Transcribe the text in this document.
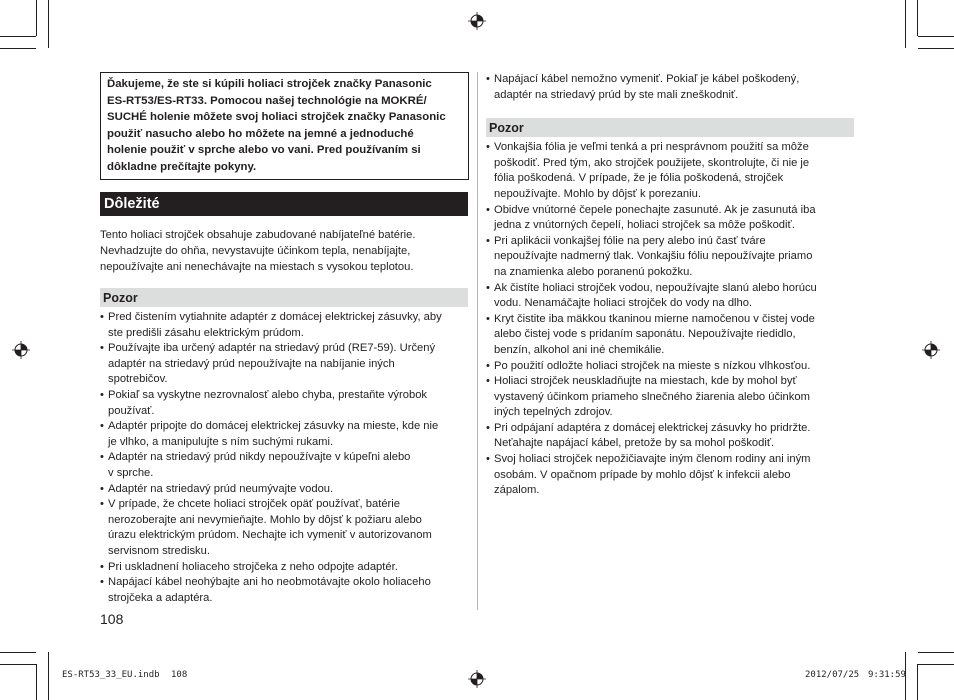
Ďakujeme, že ste si kúpili holiaci strojček značky Panasonic

ES-RT53/ES-RT33. Pomocou našej technológie na MOKRÉ/

SUCHÉ holenie môžete svoj holiaci strojček značky Panasonic

použiť nasucho alebo ho môžete na jemné a jednoduché

holenie použiť v sprche alebo vo vani. Pred používaním si

dôkladne prečítajte pokyny.

Dôležité

Tento holiaci strojček obsahuje zabudované nabíjateľné batérie.

Nevhadzujte do ohňa, nevystavujte účinkom tepla, nenabíjajte,

nepoužívajte ani nenechávajte na miestach s vysokou teplotou.

Pozor
• Pred čistením vytiahnite adaptér z domácej elektrickej zásuvky, aby
ste predišli zásahu elektrickým prúdom.
• Používajte iba určený adaptér na striedavý prúd (RE7-59). Určený
adaptér na striedavý prúd nepoužívajte na nabíjanie iných
spotrebičov.
• Pokiaľ sa vyskytne nezrovnalosť alebo chyba, prestaňte výrobok
používať.
• Adaptér pripojte do domácej elektrickej zásuvky na mieste, kde nie
je vlhko, a manipulujte s ním suchými rukami.
• Adaptér na striedavý prúd nikdy nepoužívajte v kúpeľni alebo
v sprche.
• Adaptér na striedavý prúd neumývajte vodou.
• V prípade, že chcete holiaci strojček opäť používať, batérie
nerozoberajte ani nevymieňajte. Mohlo by dôjsť k požiaru alebo
úrazu elektrickým prúdom. Nechajte ich vymeniť v autorizovanom
servisnom stredisku.
• Pri uskladnení holiaceho strojčeka z neho odpojte adaptér.
• Napájací kábel neohýbajte ani ho neobmotávajte okolo holiaceho
strojčeka a adaptéra.
• Napájací kábel nemožno vymeniť. Pokiaľ je kábel poškodený,
adaptér na striedavý prúd by ste mali zneškodniť.
Pozor
• Vonkajšia fólia je veľmi tenká a pri nesprávnom použití sa môže
poškodiť. Pred tým, ako strojček použijete, skontrolujte, či nie je
fólia poškodená. V prípade, že je fólia poškodená, strojček
nepoužívajte. Mohlo by dôjsť k porezaniu.
• Obidve vnútorné čepele ponechajte zasunuté. Ak je zasunutá iba
jedna z vnútorných čepelí, holiaci strojček sa môže poškodiť.
• Pri aplikácii vonkajšej fólie na pery alebo inú časť tváre
nepoužívajte nadmerný tlak. Vonkajšiu fóliu nepoužívajte priamo
na znamienka alebo poranenú pokožku.
• Ak čistíte holiaci strojček vodou, nepoužívajte slanú alebo horúcu
vodu. Nenamáčajte holiaci strojček do vody na dlho.
• Kryt čistite iba mäkkou tkaninou mierne namočenou v čistej vode
alebo čistej vode s pridaním saponátu. Nepoužívajte riedidlo,
benzín, alkohol ani iné chemikálie.
• Po použití odložte holiaci strojček na mieste s nízkou vlhkosťou.
• Holiaci strojček neuskladňujte na miestach, kde by mohol byť
vystavený účinkom priameho slnečného žiarenia alebo účinkom
iných tepelných zdrojov.
• Pri odpájaní adaptéra z domácej elektrickej zásuvky ho pridržte.
Neťahajte napájací kábel, pretože by sa mohol poškodiť.
• Svoj holiaci strojček nepožičiavajte iným členom rodiny ani iným
osobám. V opačnom prípade by mohlo dôjsť k infekcii alebo
zápalom.
108
ES-RT53_33_EU.indb 108	2012/07/25 9:31:59
